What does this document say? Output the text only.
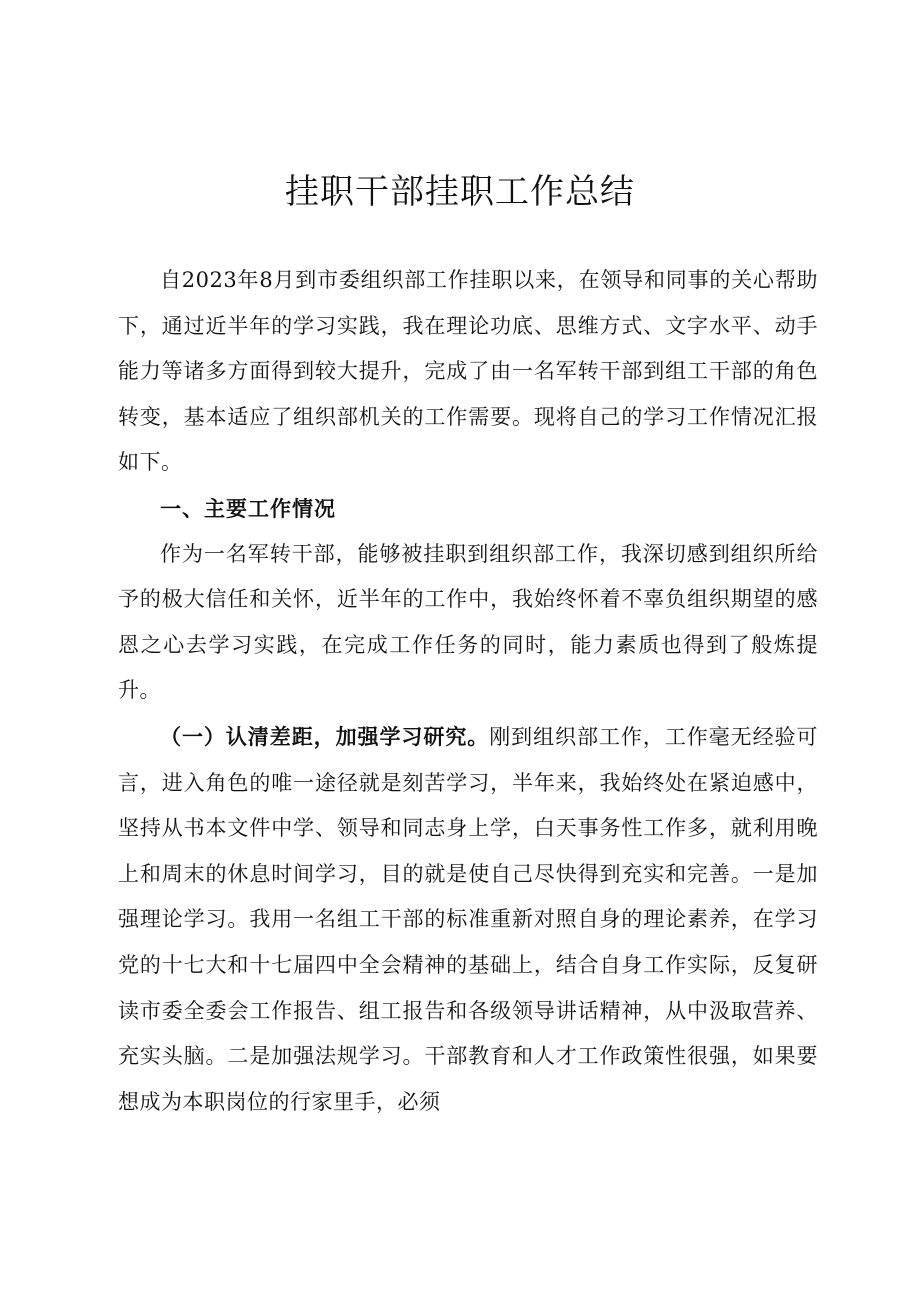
挂职干部挂职工作总结

自2023年8月到市委组织部工作挂职以来，在领导和同事的关心帮助下，通过近半年的学习实践，我在理论功底、思维方式、文字水平、动手能力等诸多方面得到较大提升，完成了由一名军转干部到组工干部的角色转变，基本适应了组织部机关的工作需要。现将自己的学习工作情况汇报如下。

一、主要工作情况

作为一名军转干部，能够被挂职到组织部工作，我深切感到组织所给予的极大信任和关怀，近半年的工作中，我始终怀着不辜负组织期望的感恩之心去学习实践，在完成工作任务的同时，能力素质也得到了般炼提升。

（一）认清差距，加强学习研究。刚到组织部工作，工作毫无经验可言，进入角色的唯一途径就是刻苦学习，半年来，我始终处在紧迫感中，坚持从书本文件中学、领导和同志身上学，白天事务性工作多，就利用晚上和周末的休息时间学习，目的就是使自己尽快得到充实和完善。一是加强理论学习。我用一名组工干部的标准重新对照自身的理论素养，在学习党的十七大和十七届四中全会精神的基础上，结合自身工作实际，反复研读市委全委会工作报告、组工报告和各级领导讲话精神，从中汲取营养、充实头脑。二是加强法规学习。干部教育和人才工作政策性很强，如果要想成为本职岗位的行家里手，必须
